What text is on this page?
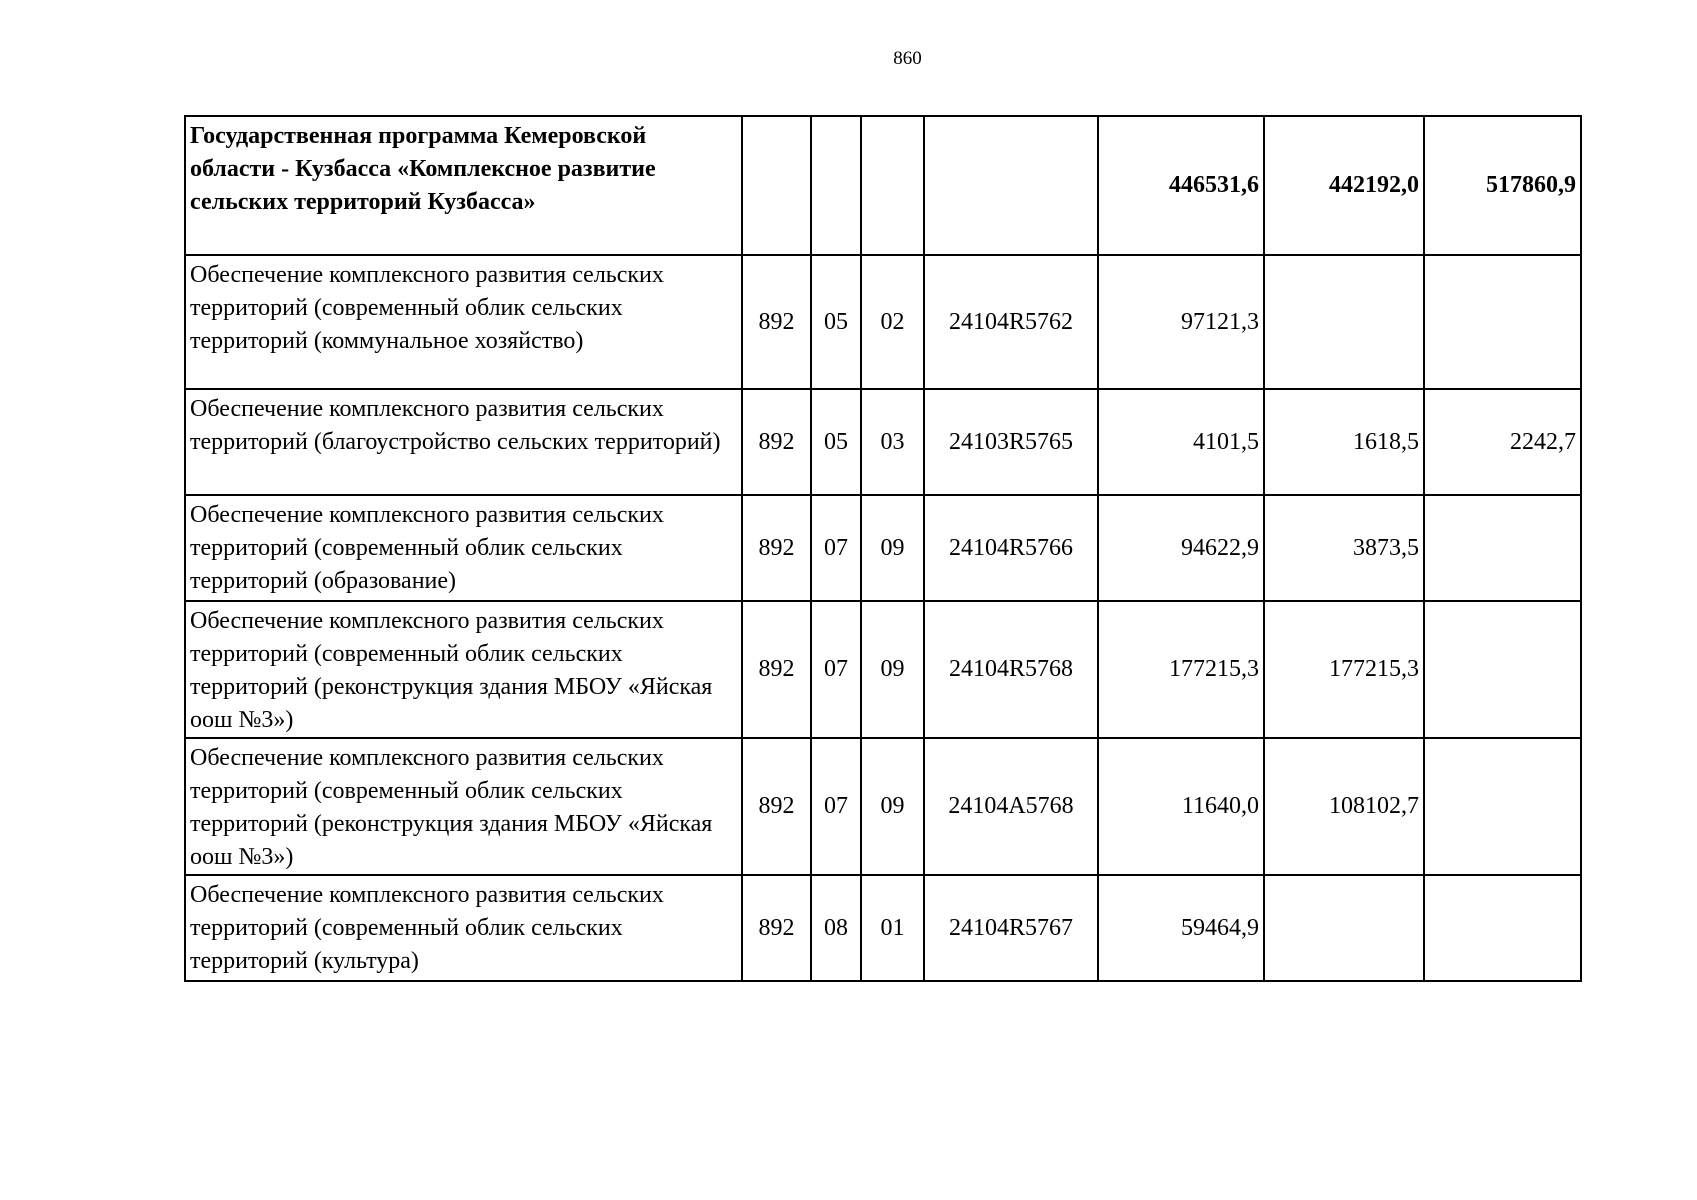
860
Государственная программа Кемеровской области - Кузбасса «Комплексное развитие сельских территорий Кузбасса»					446531,6	442192,0	517860,9
Обеспечение комплексного развития сельских территорий (современный облик сельских территорий (коммунальное хозяйство)	892	05	02	24104R5762	97121,3		
Обеспечение комплексного развития сельских территорий (благоустройство сельских территорий)	892	05	03	24103R5765	4101,5	1618,5	2242,7
Обеспечение комплексного развития сельских территорий (современный облик сельских территорий (образование)	892	07	09	24104R5766	94622,9	3873,5	
Обеспечение комплексного развития сельских территорий (современный облик сельских территорий (реконструкция здания МБОУ «Яйская оош №3»)	892	07	09	24104R5768	177215,3	177215,3	
Обеспечение комплексного развития сельских территорий (современный облик сельских территорий (реконструкция здания МБОУ «Яйская оош №3»)	892	07	09	24104A5768	11640,0	108102,7	
Обеспечение комплексного развития сельских территорий (современный облик сельских территорий (культура)	892	08	01	24104R5767	59464,9		
